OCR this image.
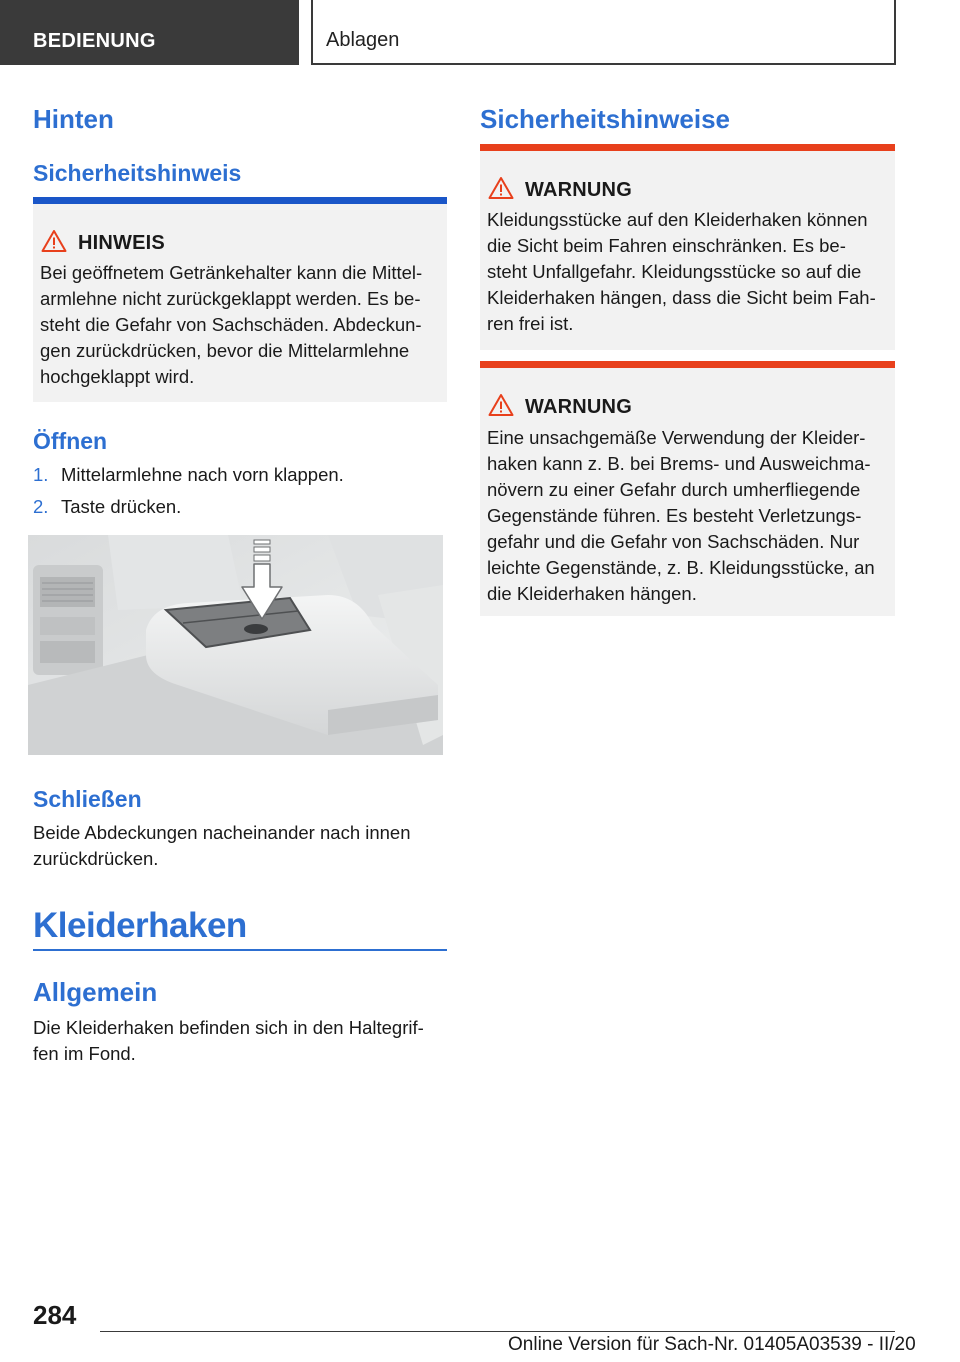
BEDIENUNG	Ablagen
Hinten
Sicherheitshinweis
HINWEIS
Bei geöffnetem Getränkehalter kann die Mittel-
armlehne nicht zurückgeklappt werden. Es be-
steht die Gefahr von Sachschäden. Abdeckun-
gen zurückdrücken, bevor die Mittelarmlehne
hochgeklappt wird.
Öffnen
1. Mittelarmlehne nach vorn klappen.
2. Taste drücken.
Schließen
Beide Abdeckungen nacheinander nach innen
zurückdrücken.
Kleiderhaken
Allgemein
Die Kleiderhaken befinden sich in den Haltegrif-
fen im Fond.
Sicherheitshinweise
WARNUNG
Kleidungsstücke auf den Kleiderhaken können
die Sicht beim Fahren einschränken. Es be-
steht Unfallgefahr. Kleidungsstücke so auf die
Kleiderhaken hängen, dass die Sicht beim Fah-
ren frei ist.
WARNUNG
Eine unsachgemäße Verwendung der Kleider-
haken kann z. B. bei Brems- und Ausweichma-
növern zu einer Gefahr durch umherfliegende
Gegenstände führen. Es besteht Verletzungs-
gefahr und die Gefahr von Sachschäden. Nur
leichte Gegenstände, z. B. Kleidungsstücke, an
die Kleiderhaken hängen.
284
Online Version für Sach-Nr. 01405A03539 - II/20
